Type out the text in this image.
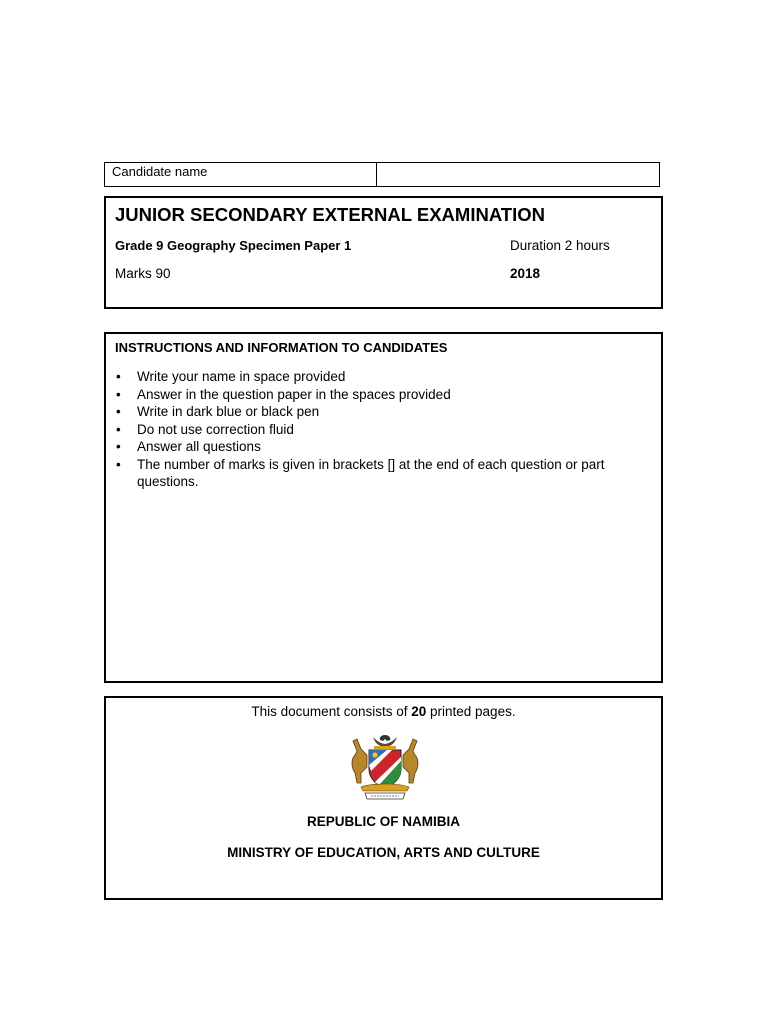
Candidate name
JUNIOR SECONDARY EXTERNAL EXAMINATION
Grade 9 Geography Specimen Paper 1	Duration 2 hours
Marks 90	2018
INSTRUCTIONS AND INFORMATION TO CANDIDATES
• Write your name in space provided
• Answer in the question paper in the spaces provided
• Write in dark blue or black pen
• Do not use correction fluid
• Answer all questions
• The number of marks is given in brackets [] at the end of each question or part questions.
This document consists of 20 printed pages.
REPUBLIC OF NAMIBIA
MINISTRY OF EDUCATION, ARTS AND CULTURE
